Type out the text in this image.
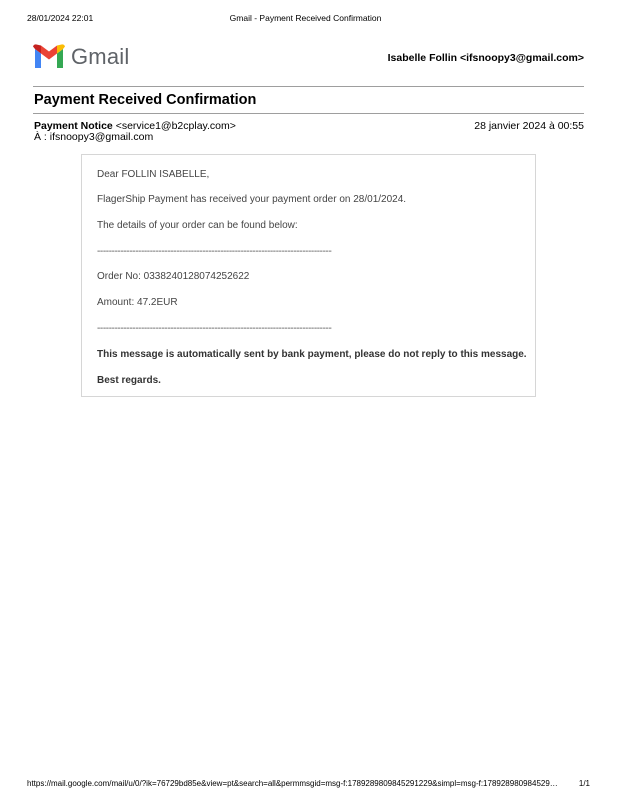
28/01/2024 22:01	Gmail - Payment Received Confirmation
Gmail	Isabelle Follin <ifsnoopy3@gmail.com>
Payment Received Confirmation
Payment Notice <service1@b2cplay.com>
À : ifsnoopy3@gmail.com
28 janvier 2024 à 00:55

Dear FOLLIN ISABELLE,

FlagerShip Payment has received your payment order on 28/01/2024.

The details of your order can be found below:

--------------------------------------------------------------------------------

Order No: 0338240128074252622

Amount: 47.2EUR

--------------------------------------------------------------------------------

This message is automatically sent by bank payment, please do not reply to this message.

Best regards.

https://mail.google.com/mail/u/0/?ik=76729bd85e&view=pt&search=all&permmsgid=msg-f:1789289809845291229&simpl=msg-f:178928980984529…	1/1
